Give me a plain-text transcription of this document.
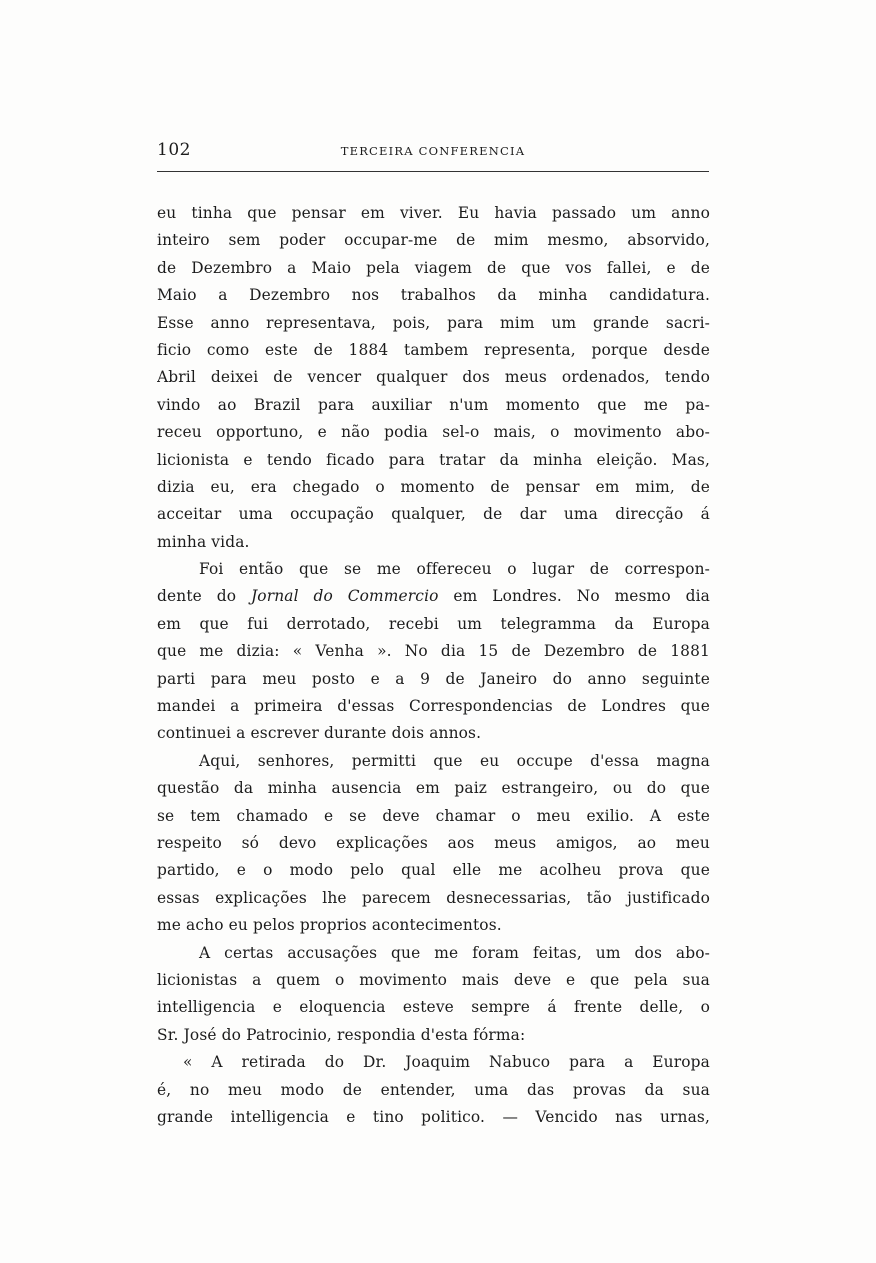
102	TERCEIRA CONFERENCIA
eu tinha que pensar em viver. Eu havia passado um anno
inteiro sem poder occupar-me de mim mesmo, absorvido,
de Dezembro a Maio pela viagem de que vos fallei, e de
Maio a Dezembro nos trabalhos da minha candidatura.
Esse anno representava, pois, para mim um grande sacri-
ficio como este de 1884 tambem representa, porque desde
Abril deixei de vencer qualquer dos meus ordenados, tendo
vindo ao Brazil para auxiliar n'um momento que me pa-
receu opportuno, e não podia sel-o mais, o movimento abo-
licionista e tendo ficado para tratar da minha eleição. Mas,
dizia eu, era chegado o momento de pensar em mim, de
acceitar uma occupação qualquer, de dar uma direcção á
minha vida.
Foi então que se me offereceu o lugar de correspon-
dente do Jornal do Commercio em Londres. No mesmo dia
em que fui derrotado, recebi um telegramma da Europa
que me dizia: « Venha ». No dia 15 de Dezembro de 1881
parti para meu posto e a 9 de Janeiro do anno seguinte
mandei a primeira d'essas Correspondencias de Londres que
continuei a escrever durante dois annos.
Aqui, senhores, permitti que eu occupe d'essa magna
questão da minha ausencia em paiz estrangeiro, ou do que
se tem chamado e se deve chamar o meu exilio. A este
respeito só devo explicações aos meus amigos, ao meu
partido, e o modo pelo qual elle me acolheu prova que
essas explicações lhe parecem desnecessarias, tão justificado
me acho eu pelos proprios acontecimentos.
A certas accusações que me foram feitas, um dos abo-
licionistas a quem o movimento mais deve e que pela sua
intelligencia e eloquencia esteve sempre á frente delle, o
Sr. José do Patrocinio, respondia d'esta fórma:
« A retirada do Dr. Joaquim Nabuco para a Europa
é, no meu modo de entender, uma das provas da sua
grande intelligencia e tino politico. — Vencido nas urnas,
